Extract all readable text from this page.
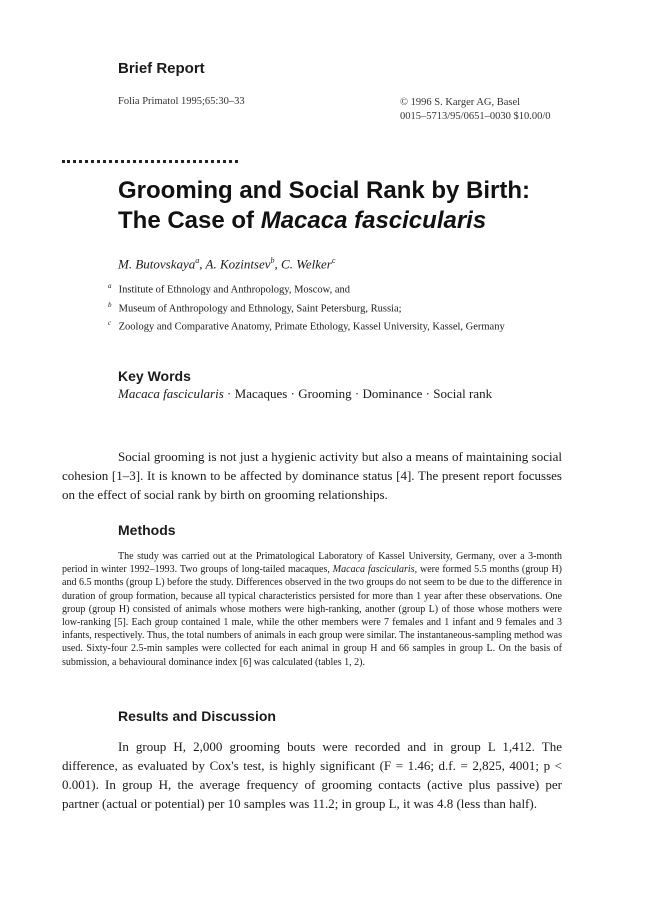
Brief Report
Folia Primatol 1995;65:30–33	© 1996 S. Karger AG, Basel
0015–5713/95/0651–0030 $10.00/0
Grooming and Social Rank by Birth:
The Case of Macaca fascicularis
M. Butovskaya$^a$, A. Kozintsev$^b$, C. Welker$^c$
$^a$ Institute of Ethnology and Anthropology, Moscow, and
$^b$ Museum of Anthropology and Ethnology, Saint Petersburg, Russia;
$^c$ Zoology and Comparative Anatomy, Primate Ethology, Kassel University, Kassel, Germany
Key Words
Macaca fascicularis · Macaques · Grooming · Dominance · Social rank

Social grooming is not just a hygienic activity but also a means of maintaining social cohesion [1–3]. It is known to be affected by dominance status [4]. The present report focusses on the effect of social rank by birth on grooming relationships.

Methods

The study was carried out at the Primatological Laboratory of Kassel University, Germany, over a 3-month period in winter 1992–1993. Two groups of long-tailed macaques, Macaca fascicularis, were formed 5.5 months (group H) and 6.5 months (group L) before the study. Differences observed in the two groups do not seem to be due to the difference in duration of group formation, because all typical characteristics persisted for more than 1 year after these observations. One group (group H) consisted of animals whose mothers were high-ranking, another (group L) of those whose mothers were low-ranking [5]. Each group contained 1 male, while the other members were 7 females and 1 infant and 9 females and 3 infants, respectively. Thus, the total numbers of animals in each group were similar. The instantaneous-sampling method was used. Sixty-four 2.5-min samples were collected for each animal in group H and 66 samples in group L. On the basis of submission, a behavioural dominance index [6] was calculated (tables 1, 2).

Results and Discussion

In group H, 2,000 grooming bouts were recorded and in group L 1,412. The difference, as evaluated by Cox's test, is highly significant (F = 1.46; d.f. = 2,825, 4001; p < 0.001). In group H, the average frequency of grooming contacts (active plus passive) per partner (actual or potential) per 10 samples was 11.2; in group L, it was 4.8 (less than half).
